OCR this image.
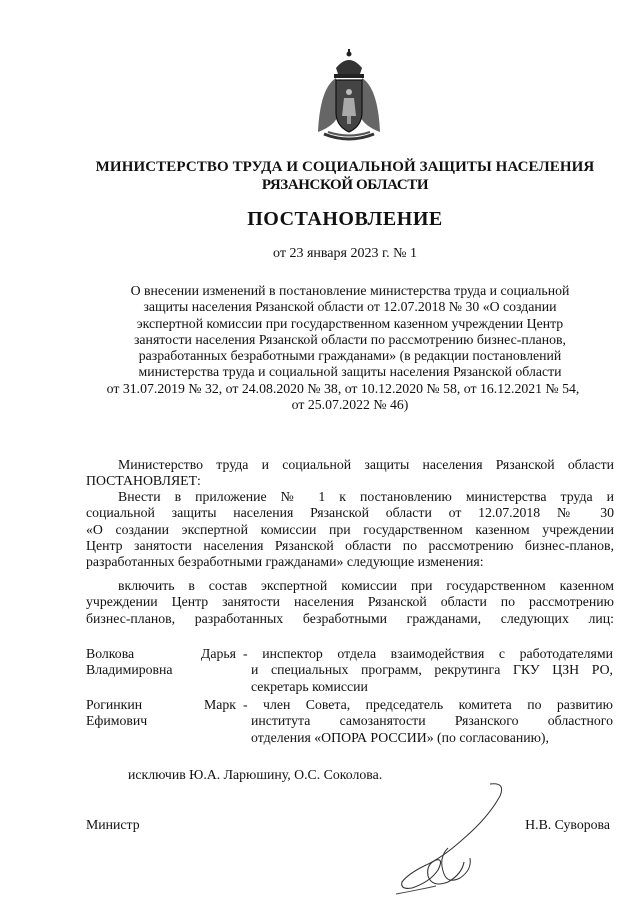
МИНИСТЕРСТВО ТРУДА И СОЦИАЛЬНОЙ ЗАЩИТЫ НАСЕЛЕНИЯ
РЯЗАНСКОЙ ОБЛАСТИ
ПОСТАНОВЛЕНИЕ
от 23 января 2023 г. № 1
О внесении изменений в постановление министерства труда и социальной
защиты населения Рязанской области от 12.07.2018 № 30 «О создании
экспертной комиссии при государственном казенном учреждении Центр
занятости населения Рязанской области по рассмотрению бизнес-планов,
разработанных безработными гражданами» (в редакции постановлений
министерства труда и социальной защиты населения Рязанской области
от 31.07.2019 № 32, от 24.08.2020 № 38, от 10.12.2020 № 58, от 16.12.2021 № 54,
от 25.07.2022 № 46)
Министерство труда и социальной защиты населения Рязанской области
ПОСТАНОВЛЯЕТ:
Внести в приложение № 1 к постановлению министерства труда и
социальной защиты населения Рязанской области от 12.07.2018 № 30
«О создании экспертной комиссии при государственном казенном учреждении
Центр занятости населения Рязанской области по рассмотрению бизнес-планов,
разработанных безработными гражданами» следующие изменения:
включить в состав экспертной комиссии при государственном казенном
учреждении Центр занятости населения Рязанской области по рассмотрению
бизнес-планов, разработанных безработными гражданами, следующих лиц:
Волкова Дарья
Владимировна
- инспектор отдела взаимодействия с работодателями
и специальных программ, рекрутинга ГКУ ЦЗН РО,
секретарь комиссии
Рогинкин Марк
Ефимович
- член Совета, председатель комитета по развитию
института самозанятости Рязанского областного
отделения «ОПОРА РОССИИ» (по согласованию),
исключив Ю.А. Ларюшину, О.С. Соколова.
Министр	Н.В. Суворова
